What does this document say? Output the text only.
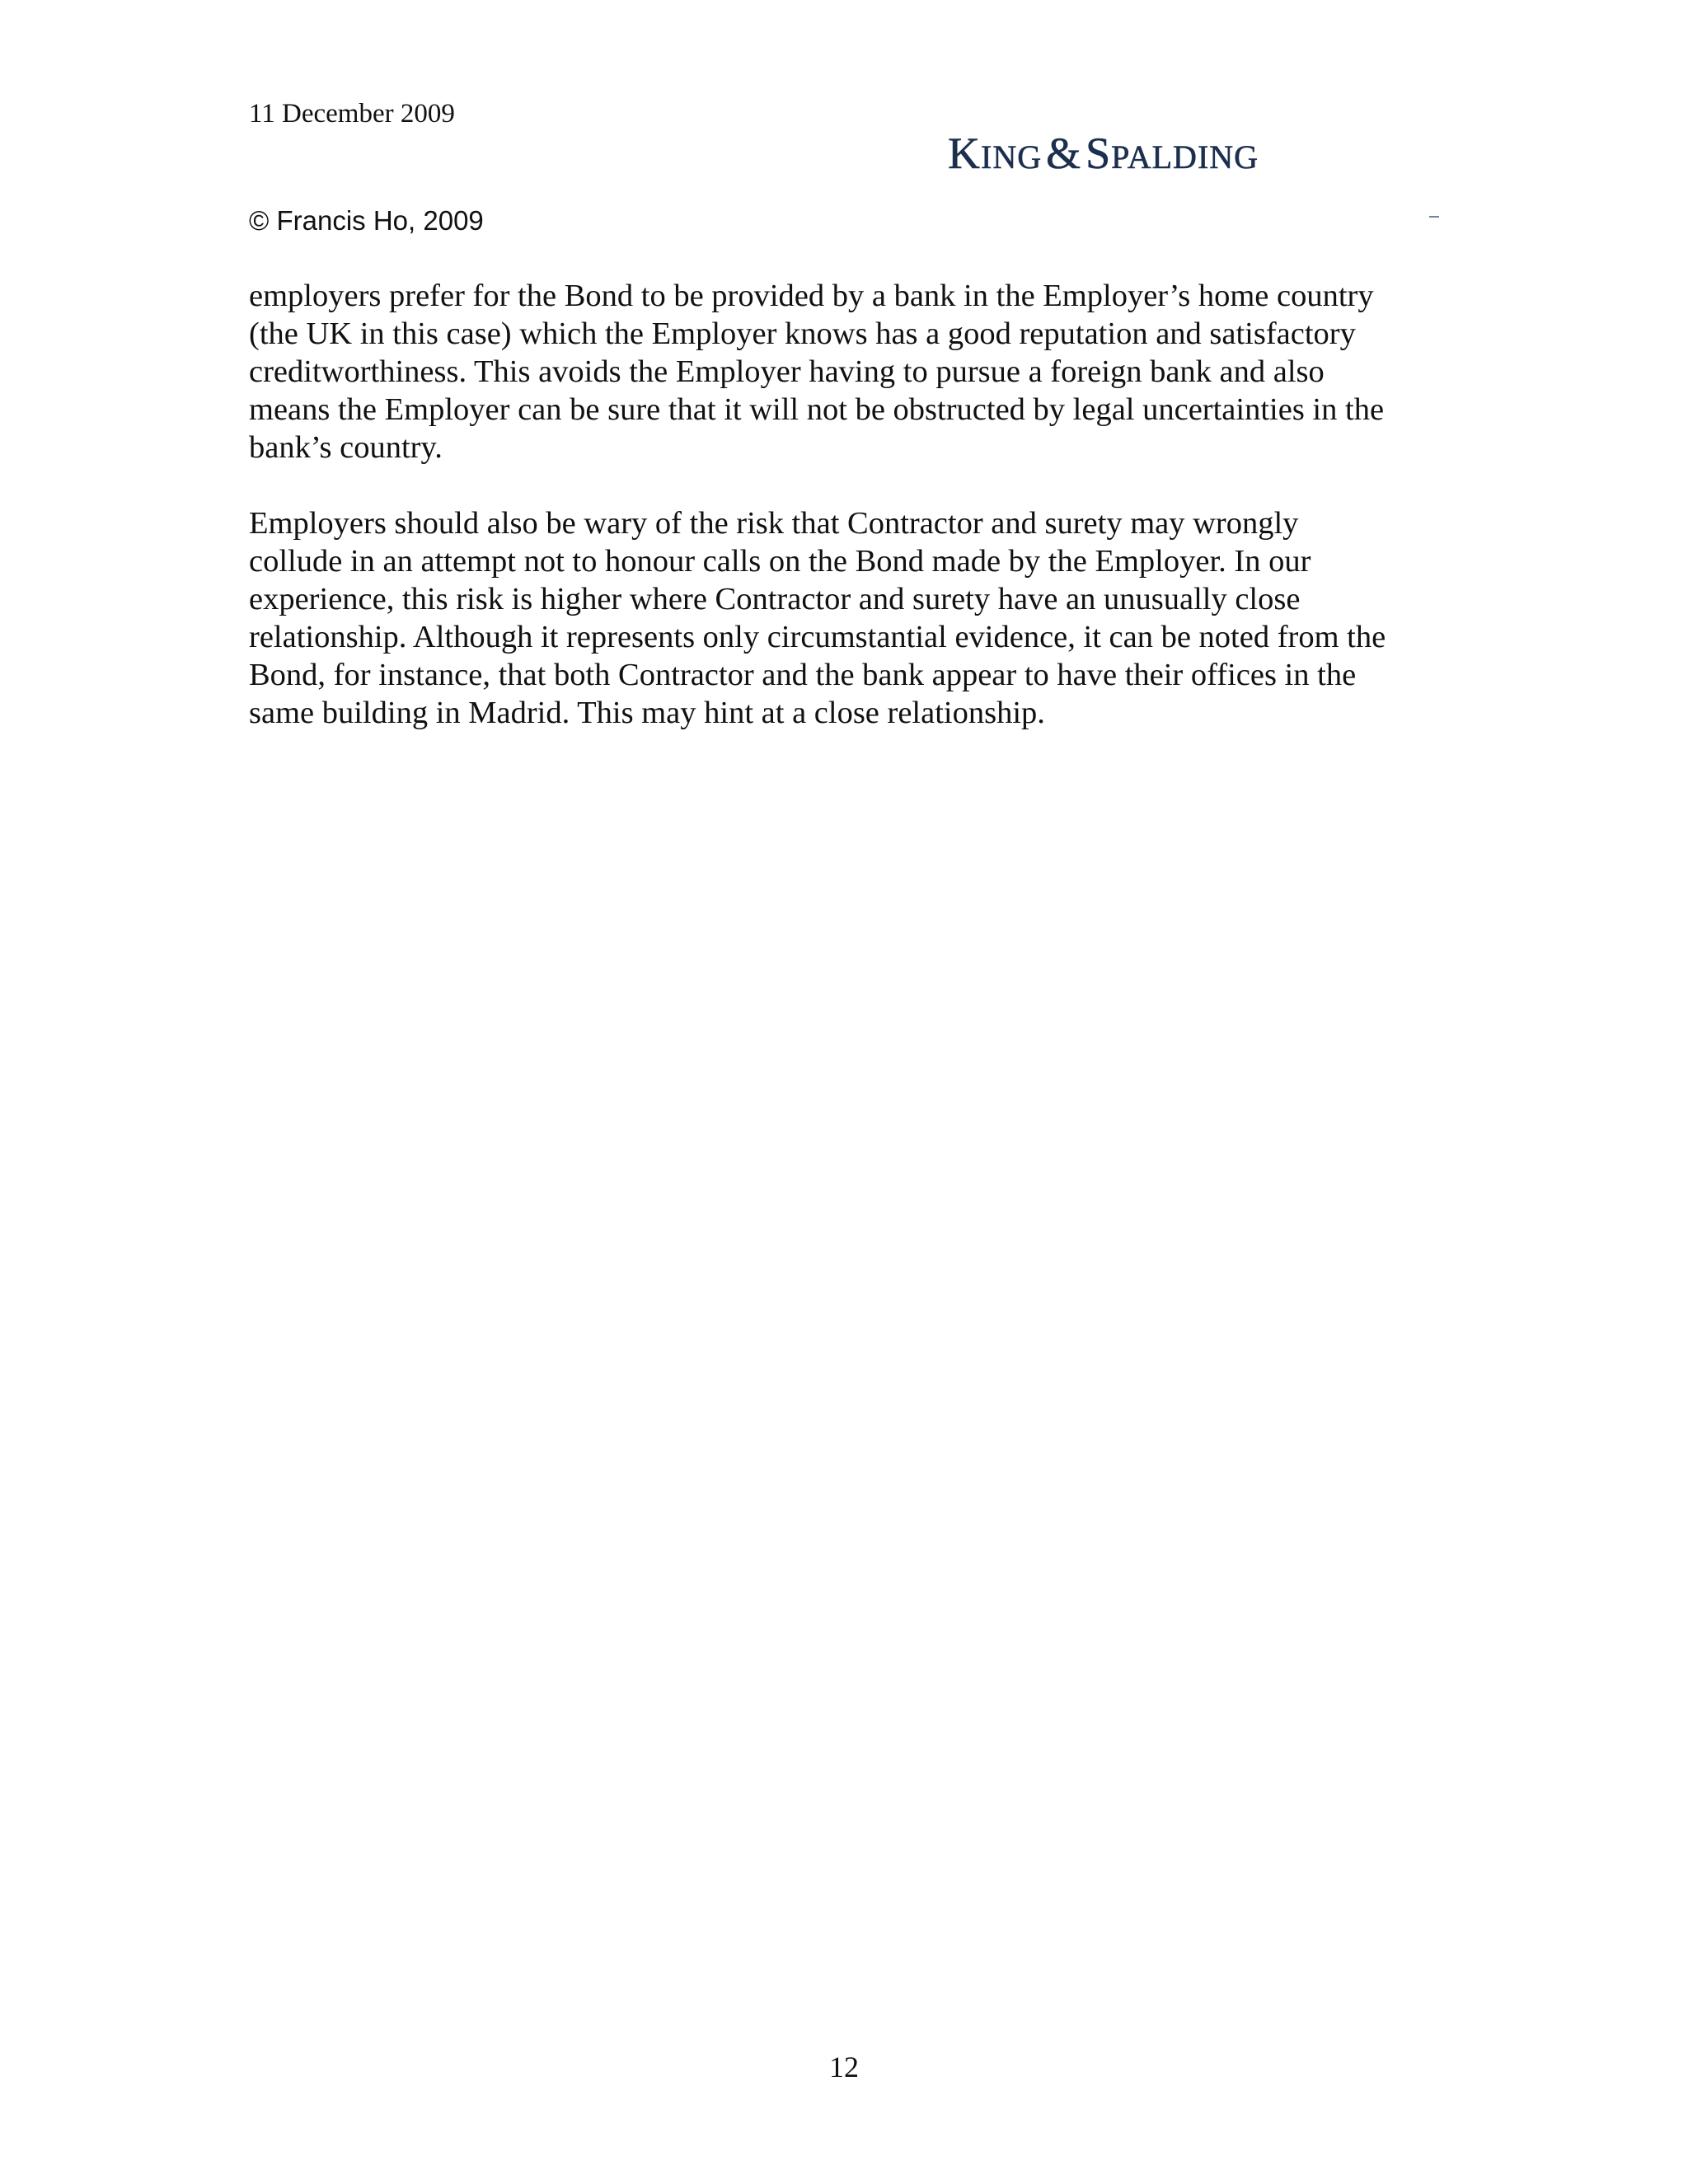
11 December 2009
KING & SPALDING
© Francis Ho, 2009

employers prefer for the Bond to be provided by a bank in the Employer’s home country
(the UK in this case) which the Employer knows has a good reputation and satisfactory
creditworthiness. This avoids the Employer having to pursue a foreign bank and also
means the Employer can be sure that it will not be obstructed by legal uncertainties in the
bank’s country.

Employers should also be wary of the risk that Contractor and surety may wrongly
collude in an attempt not to honour calls on the Bond made by the Employer. In our
experience, this risk is higher where Contractor and surety have an unusually close
relationship. Although it represents only circumstantial evidence, it can be noted from the
Bond, for instance, that both Contractor and the bank appear to have their offices in the
same building in Madrid. This may hint at a close relationship.

12
